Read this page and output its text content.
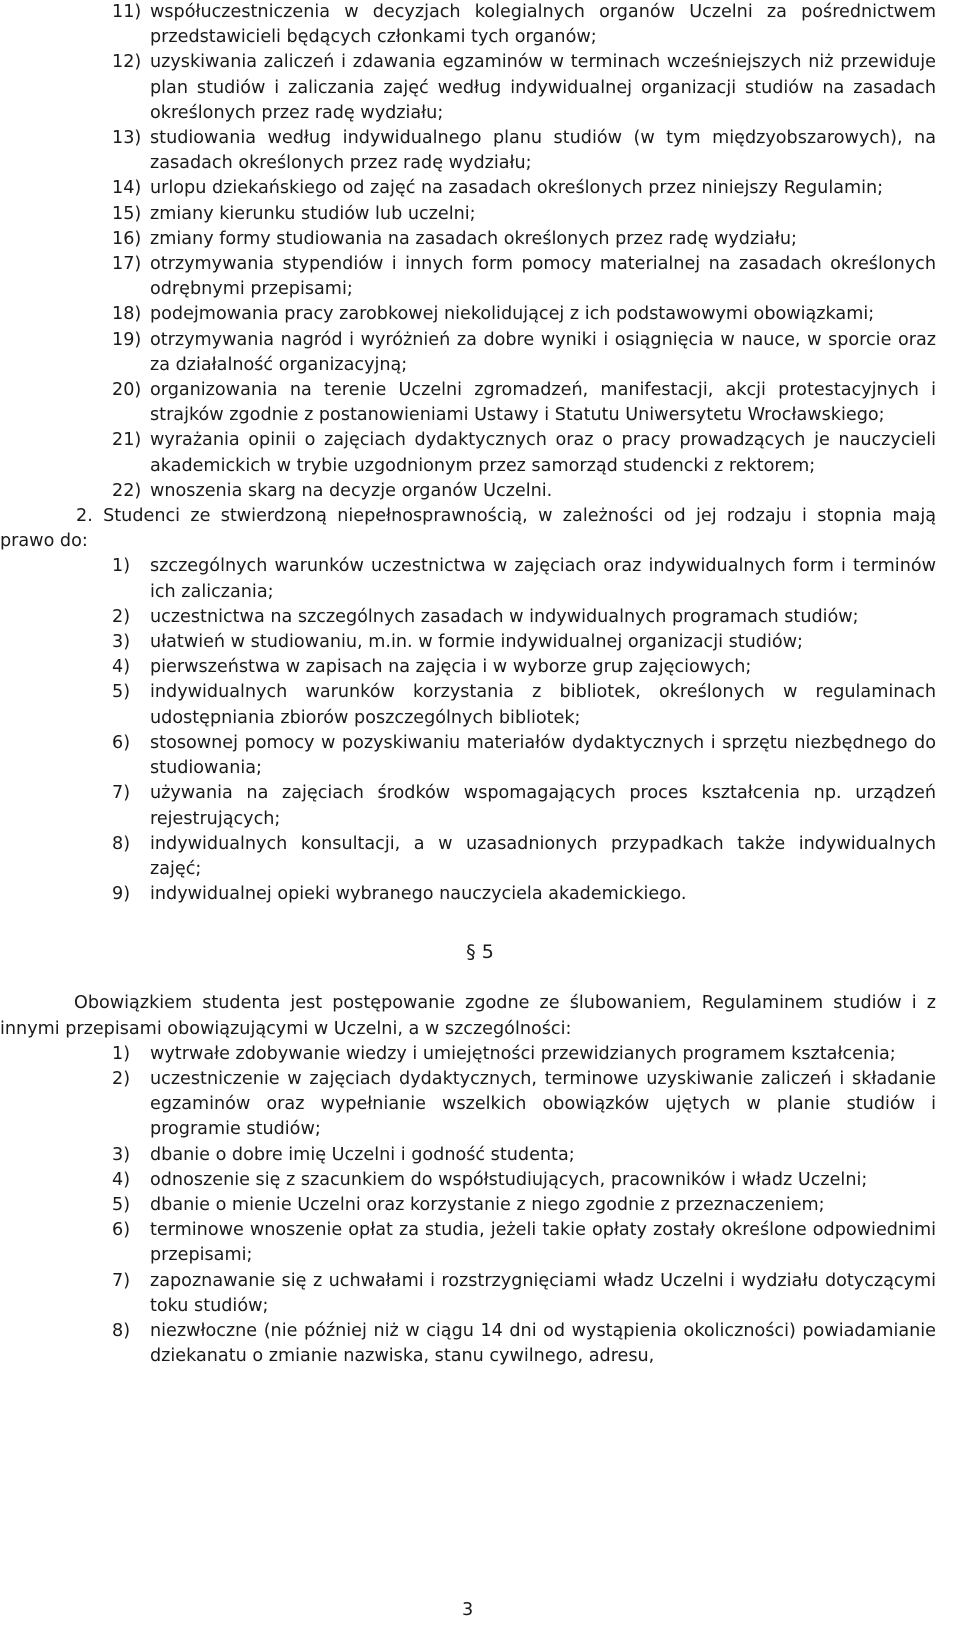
11) współuczestniczenia w decyzjach kolegialnych organów Uczelni za pośrednictwem przedstawicieli będących członkami tych organów;
12) uzyskiwania zaliczeń i zdawania egzaminów w terminach wcześniejszych niż przewiduje plan studiów i zaliczania zajęć według indywidualnej organizacji studiów na zasadach określonych przez radę wydziału;
13) studiowania według indywidualnego planu studiów (w tym międzyobszarowych), na zasadach określonych przez radę wydziału;
14) urlopu dziekańskiego od zajęć na zasadach określonych przez niniejszy Regulamin;
15) zmiany kierunku studiów lub uczelni;
16) zmiany formy studiowania na zasadach określonych przez radę wydziału;
17) otrzymywania stypendiów i innych form pomocy materialnej na zasadach określonych odrębnymi przepisami;
18) podejmowania pracy zarobkowej niekolidującej z ich podstawowymi obowiązkami;
19) otrzymywania nagród i wyróżnień za dobre wyniki i osiągnięcia w nauce, w sporcie oraz za działalność organizacyjną;
20) organizowania na terenie Uczelni zgromadzeń, manifestacji, akcji protestacyjnych i strajków zgodnie z postanowieniami Ustawy i Statutu Uniwersytetu Wrocławskiego;
21) wyrażania opinii o zajęciach dydaktycznych oraz o pracy prowadzących je nauczycieli akademickich w trybie uzgodnionym przez samorząd studencki z rektorem;
22) wnoszenia skarg na decyzje organów Uczelni.

2. Studenci ze stwierdzoną niepełnosprawnością, w zależności od jej rodzaju i stopnia mają prawo do:

1)	szczególnych warunków uczestnictwa w zajęciach oraz indywidualnych form i terminów ich zaliczania;
2)	uczestnictwa na szczególnych zasadach w indywidualnych programach studiów;
3)	ułatwień w studiowaniu, m.in. w formie indywidualnej organizacji studiów;
4)	pierwszeństwa w zapisach na zajęcia i w wyborze grup zajęciowych;
5)	indywidualnych warunków korzystania z bibliotek, określonych w regulaminach udostępniania zbiorów poszczególnych bibliotek;
6)	stosownej pomocy w pozyskiwaniu materiałów dydaktycznych i sprzętu niezbędnego do studiowania;
7)	używania na zajęciach środków wspomagających proces kształcenia np. urządzeń rejestrujących;
8)	indywidualnych konsultacji, a w uzasadnionych przypadkach także indywidualnych zajęć;
9)	indywidualnej opieki wybranego nauczyciela akademickiego.

§ 5

Obowiązkiem studenta jest postępowanie zgodne ze ślubowaniem, Regulaminem studiów i z innymi przepisami obowiązującymi w Uczelni, a w szczególności:

1)	wytrwałe zdobywanie wiedzy i umiejętności przewidzianych programem kształcenia;
2)	uczestniczenie w zajęciach dydaktycznych, terminowe uzyskiwanie zaliczeń i składanie egzaminów oraz wypełnianie wszelkich obowiązków ujętych w planie studiów i programie studiów;
3)	dbanie o dobre imię Uczelni i godność studenta;
4)	odnoszenie się z szacunkiem do współstudiujących, pracowników i władz Uczelni;
5)	dbanie o mienie Uczelni oraz korzystanie z niego zgodnie z przeznaczeniem;
6)	terminowe wnoszenie opłat za studia, jeżeli takie opłaty zostały określone odpowiednimi przepisami;
7)	zapoznawanie się z uchwałami i rozstrzygnięciami władz Uczelni i wydziału dotyczącymi toku studiów;
8)	niezwłoczne (nie później niż w ciągu 14 dni od wystąpienia okoliczności) powiadamianie dziekanatu o zmianie nazwiska, stanu cywilnego, adresu,
3
